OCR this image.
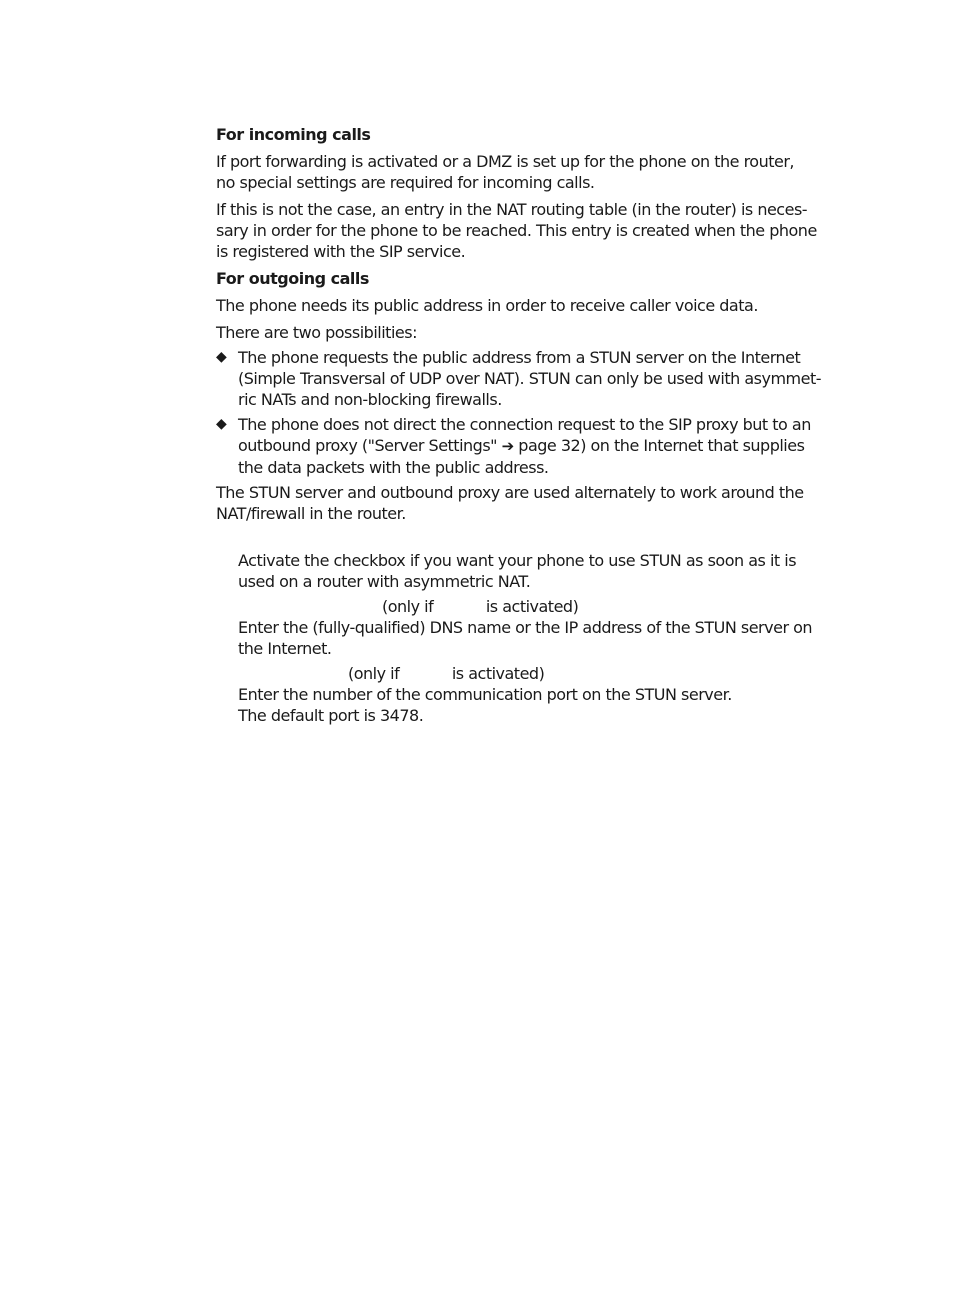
For incoming calls
If port forwarding is activated or a DMZ is set up for the phone on the router,
no special settings are required for incoming calls.
If this is not the case, an entry in the NAT routing table (in the router) is neces-
sary in order for the phone to be reached. This entry is created when the phone
is registered with the SIP service.
For outgoing calls
The phone needs its public address in order to receive caller voice data.
There are two possibilities:
◆ The phone requests the public address from a STUN server on the Internet
(Simple Transversal of UDP over NAT). STUN can only be used with asymmet-
ric NATs and non-blocking firewalls.
◆ The phone does not direct the connection request to the SIP proxy but to an
outbound proxy ("Server Settings" ➔ page 32) on the Internet that supplies
the data packets with the public address.
The STUN server and outbound proxy are used alternately to work around the
NAT/firewall in the router.
Activate the checkbox if you want your phone to use STUN as soon as it is
used on a router with asymmetric NAT.
(only if	is activated)
Enter the (fully-qualified) DNS name or the IP address of the STUN server on
the Internet.
(only if	is activated)
Enter the number of the communication port on the STUN server.
The default port is 3478.
